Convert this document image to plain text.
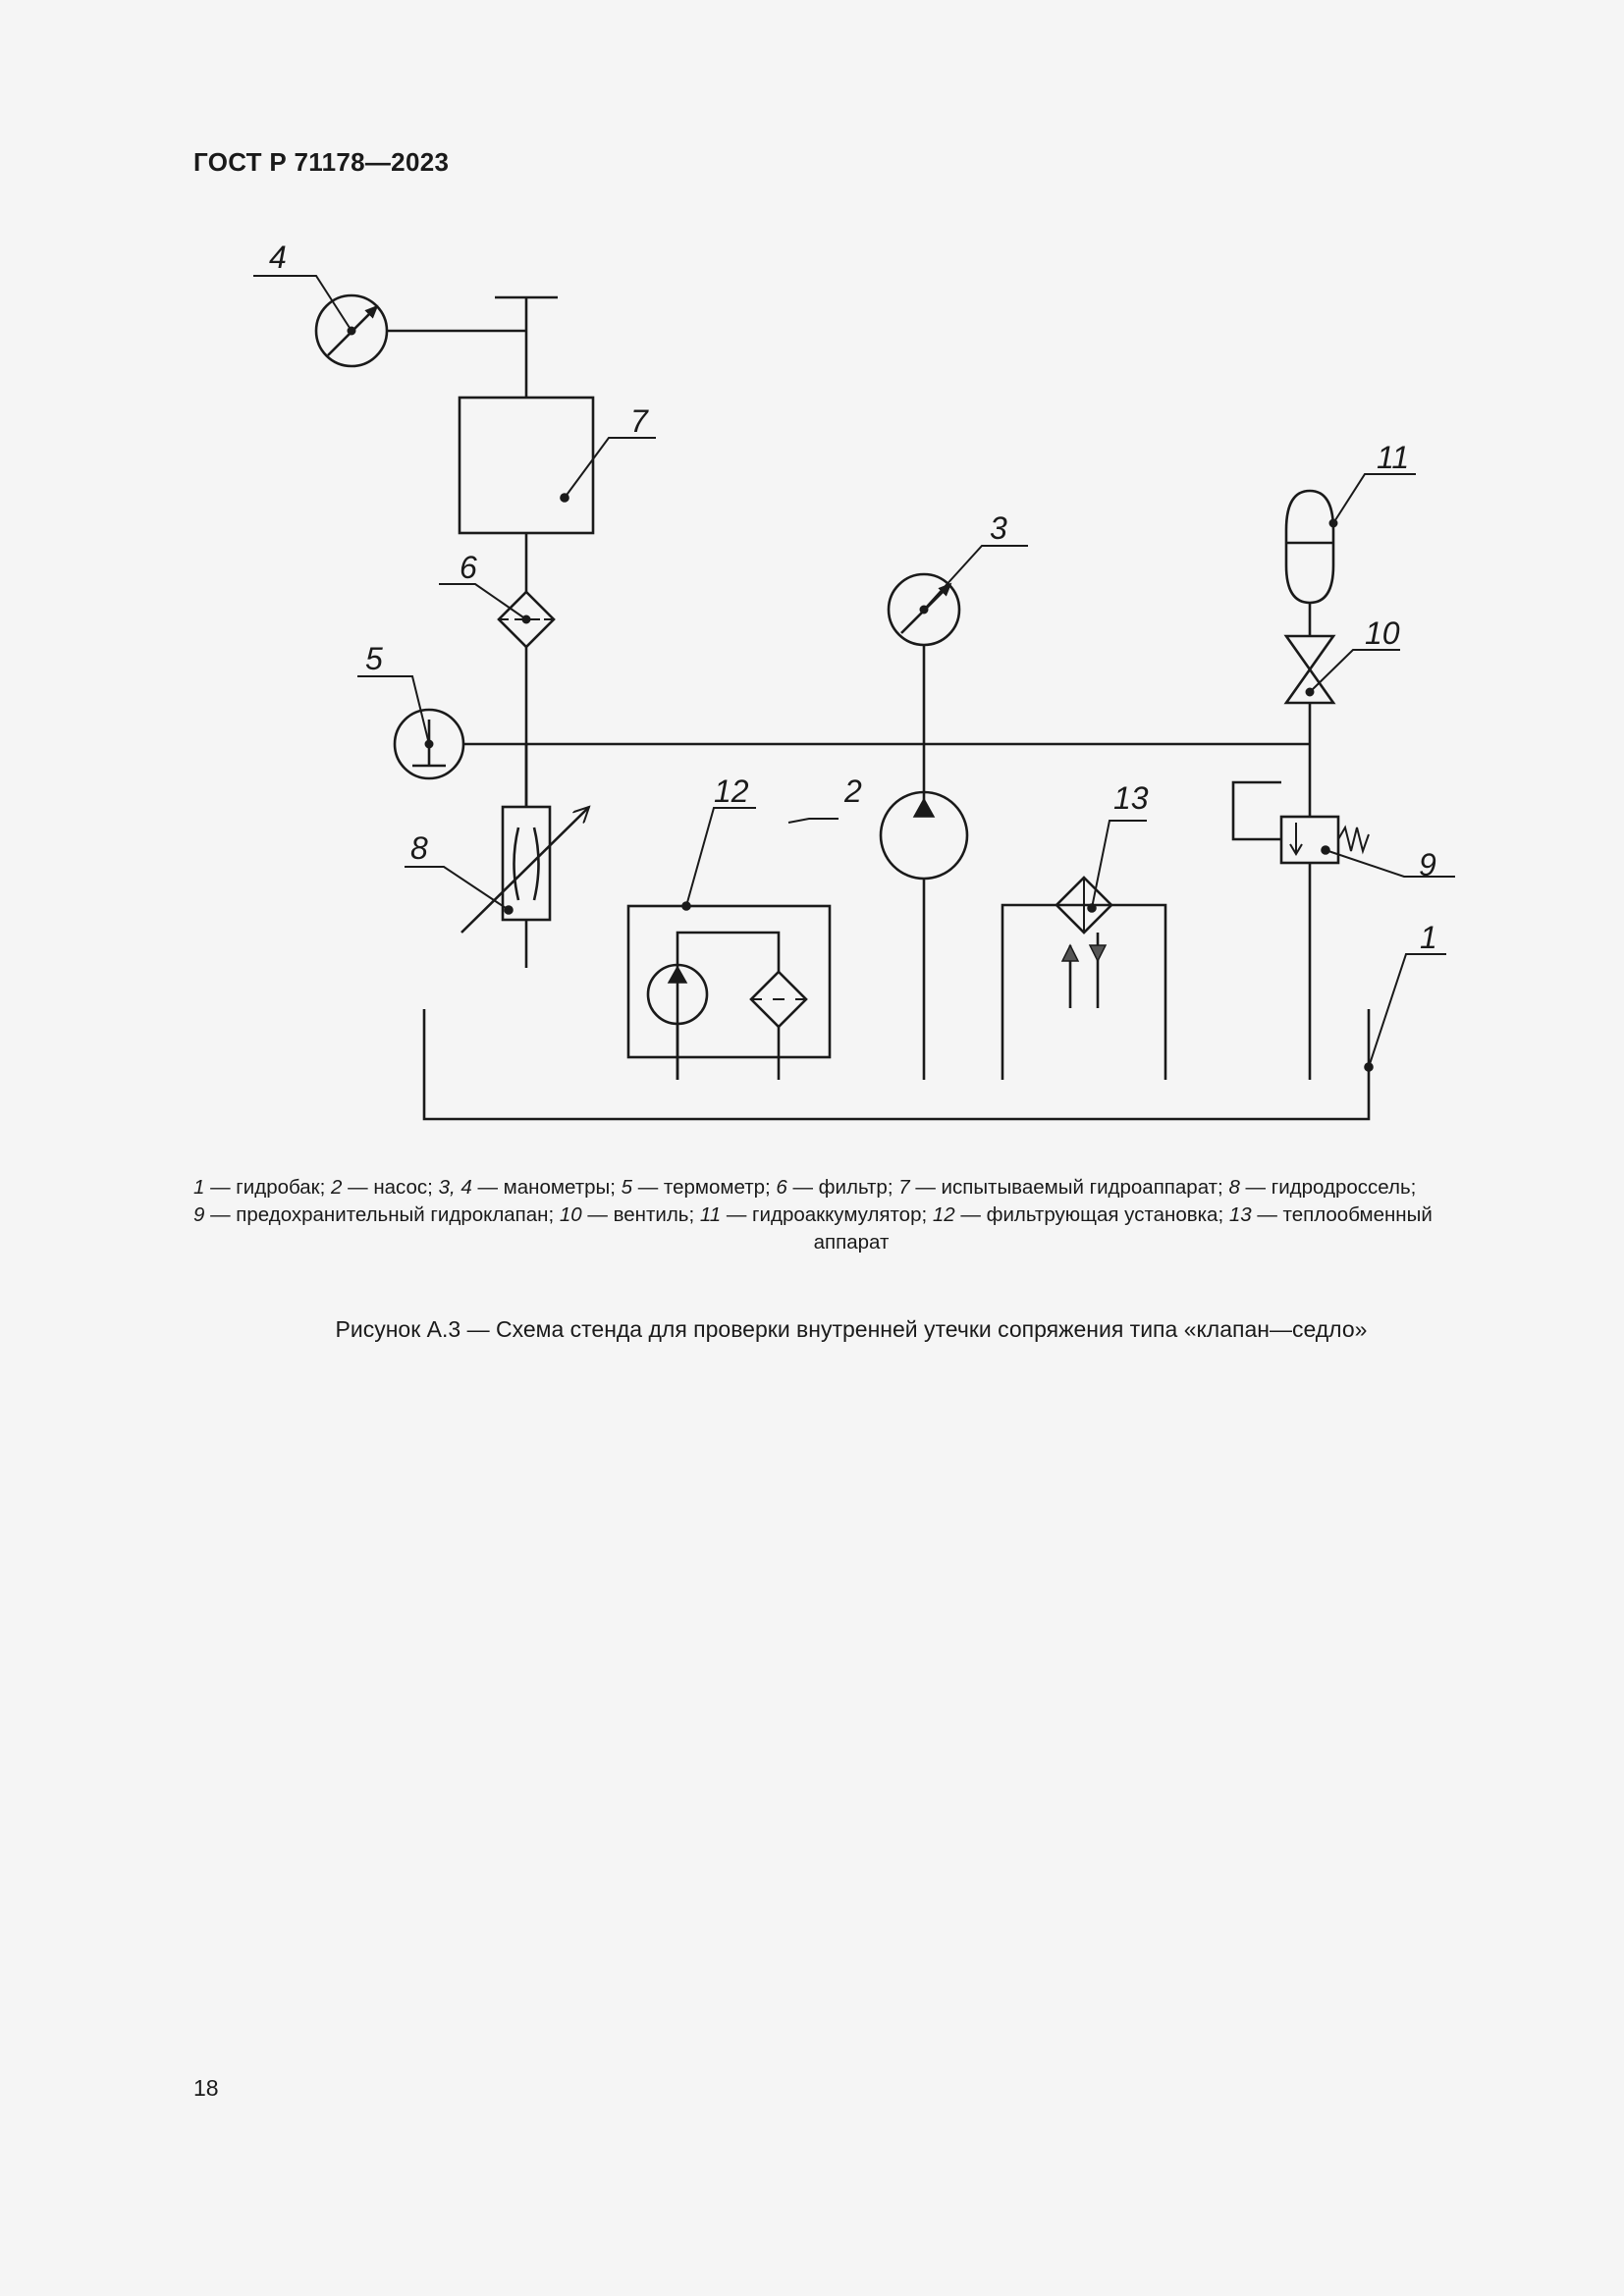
ГОСТ Р 71178—2023
4
7
6
5
8
3
11
10
9
1
12	2	13
1 — гидробак; 2 — насос; 3, 4 — манометры; 5 — термометр; 6 — фильтр; 7 — испытываемый гидроаппарат; 8 — гидродроссель;
9 — предохранительный гидроклапан; 10 — вентиль; 11 — гидроаккумулятор; 12 — фильтрующая установка; 13 — теплообменный
аппарат
Рисунок А.3 — Схема стенда для проверки внутренней утечки сопряжения типа «клапан—седло»
18
